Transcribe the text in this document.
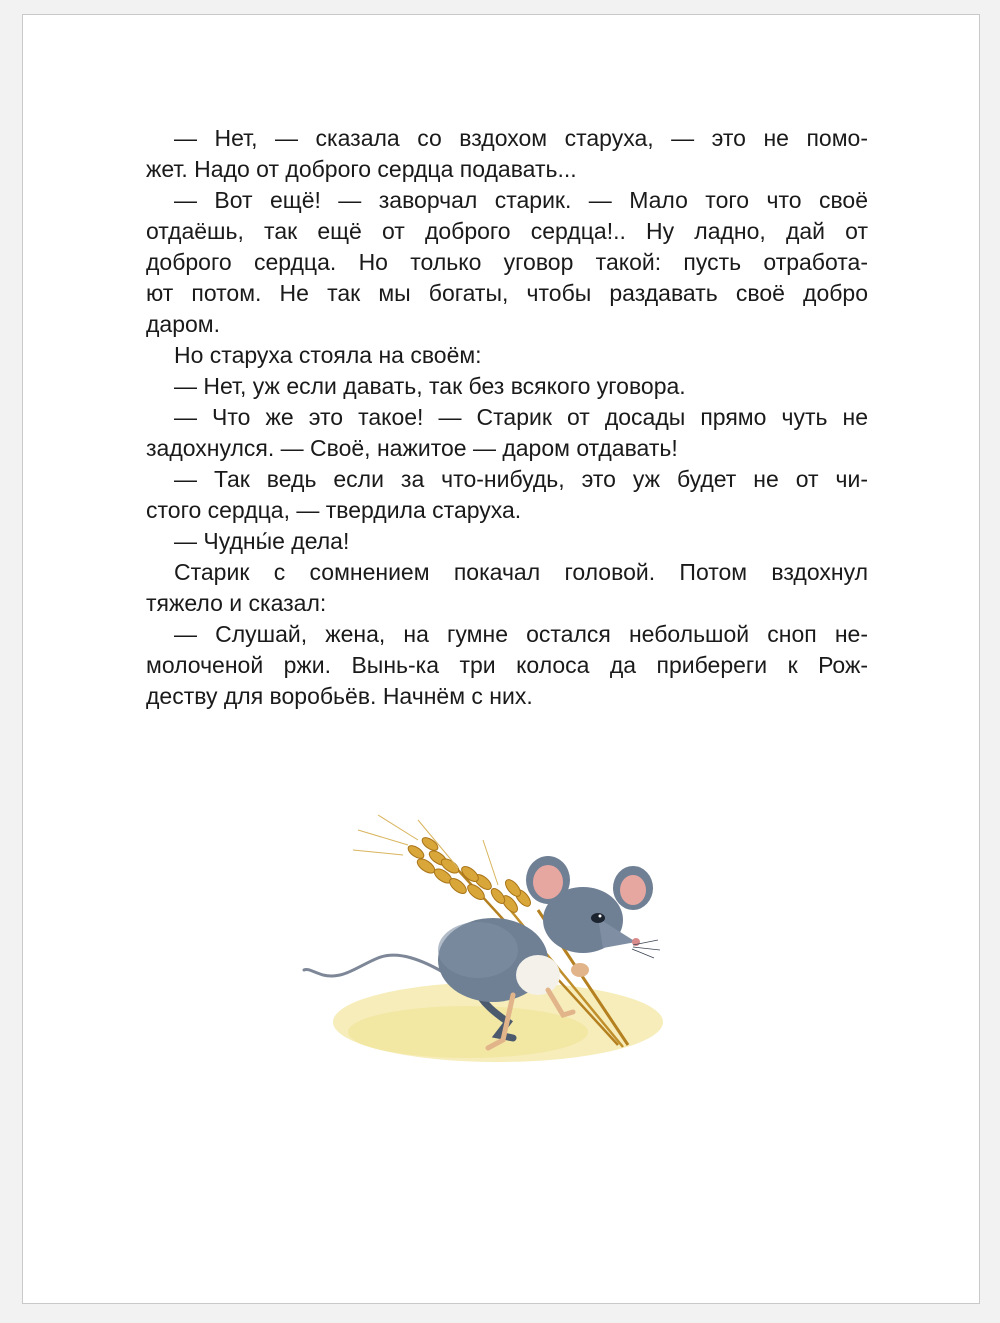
— Нет, — сказала со вздохом старуха, — это не помо-
жет. Надо от доброго сердца подавать...
— Вот ещё! — заворчал старик. — Мало того что своё
отдаёшь, так ещё от доброго сердца!.. Ну ладно, дай от
доброго сердца. Но только уговор такой: пусть отработа-
ют потом. Не так мы богаты, чтобы раздавать своё добро
даром.
Но старуха стояла на своём:
— Нет, уж если давать, так без всякого уговора.
— Что же это такое! — Старик от досады прямо чуть не
задохнулся. — Своё, нажитое — даром отдавать!
— Так ведь если за что-нибудь, это уж будет не от чи-
стого сердца, — твердила старуха.
— Чудны́е дела!
Старик с сомнением покачал головой. Потом вздохнул
тяжело и сказал:
— Слушай, жена, на гумне остался небольшой сноп не-
молоченой ржи. Вынь-ка три колоса да прибереги к Рож-
деству для воробьёв. Начнём с них.
